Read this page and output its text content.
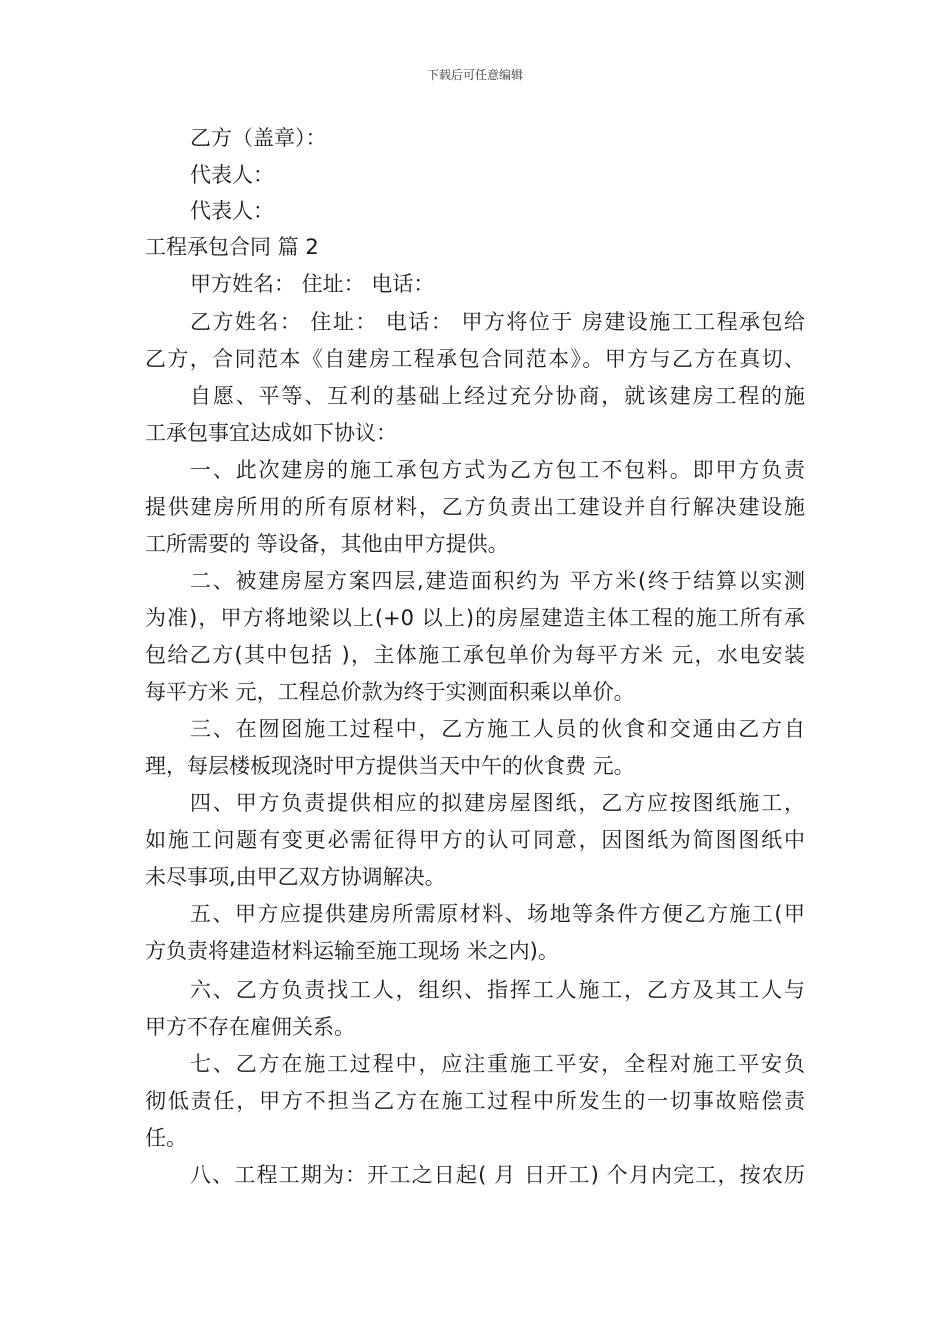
下载后可任意编辑
乙方（盖章）：
代表人：
代表人：
工程承包合同 篇 2
甲方姓名： 住址： 电话：
乙方姓名： 住址： 电话： 甲方将位于 房建设施工工程承包给
乙方，合同范本《自建房工程承包合同范本》。甲方与乙方在真切、
自愿、平等、互利的基础上经过充分协商，就该建房工程的施
工承包事宜达成如下协议：
一、此次建房的施工承包方式为乙方包工不包料。即甲方负责
提供建房所用的所有原材料，乙方负责出工建设并自行解决建设施
工所需要的 等设备，其他由甲方提供。
二、被建房屋方案四层,建造面积约为 平方米(终于结算以实测
为准)，甲方将地梁以上(+0 以上)的房屋建造主体工程的施工所有承
包给乙方(其中包括 )，主体施工承包单价为每平方米 元，水电安装
每平方米 元，工程总价款为终于实测面积乘以单价。
三、在囫囵施工过程中，乙方施工人员的伙食和交通由乙方自
理，每层楼板现浇时甲方提供当天中午的伙食费 元。
四、甲方负责提供相应的拟建房屋图纸，乙方应按图纸施工，
如施工问题有变更必需征得甲方的认可同意，因图纸为简图图纸中
未尽事项,由甲乙双方协调解决。
五、甲方应提供建房所需原材料、场地等条件方便乙方施工(甲
方负责将建造材料运输至施工现场 米之内)。
六、乙方负责找工人，组织、指挥工人施工，乙方及其工人与
甲方不存在雇佣关系。
七、乙方在施工过程中，应注重施工平安，全程对施工平安负
彻低责任，甲方不担当乙方在施工过程中所发生的一切事故赔偿责
任。
八、工程工期为：开工之日起( 月 日开工) 个月内完工，按农历
